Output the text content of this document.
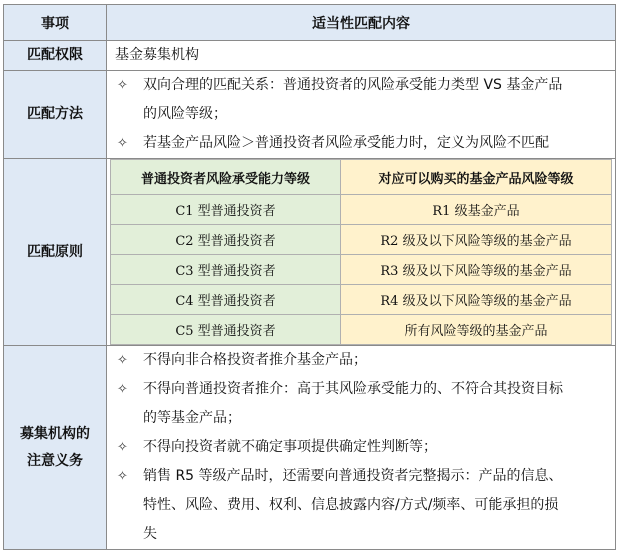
事项	适当性匹配内容
匹配权限	基金募集机构

匹配方法	
✧	双向合理的匹配关系：普通投资者的风险承受能力类型 VS 基金产品
的风险等级；
✧	若基金产品风险＞普通投资者风险承受能力时，定义为风险不匹配

匹配原则	
普通投资者风险承受能力等级	对应可以购买的基金产品风险等级
C1 型普通投资者	R1 级基金产品
C2 型普通投资者	R2 级及以下风险等级的基金产品
C3 型普通投资者	R3 级及以下风险等级的基金产品
C4 型普通投资者	R4 级及以下风险等级的基金产品
C5 型普通投资者	所有风险等级的基金产品

募集机构的
注意义务

✧	不得向非合格投资者推介基金产品；
✧	不得向普通投资者推介：高于其风险承受能力的、不符合其投资目标
的等基金产品；
✧	不得向投资者就不确定事项提供确定性判断等；
✧	销售 R5 等级产品时，还需要向普通投资者完整揭示：产品的信息、
特性、风险、费用、权利、信息披露内容/方式/频率、可能承担的损
失
